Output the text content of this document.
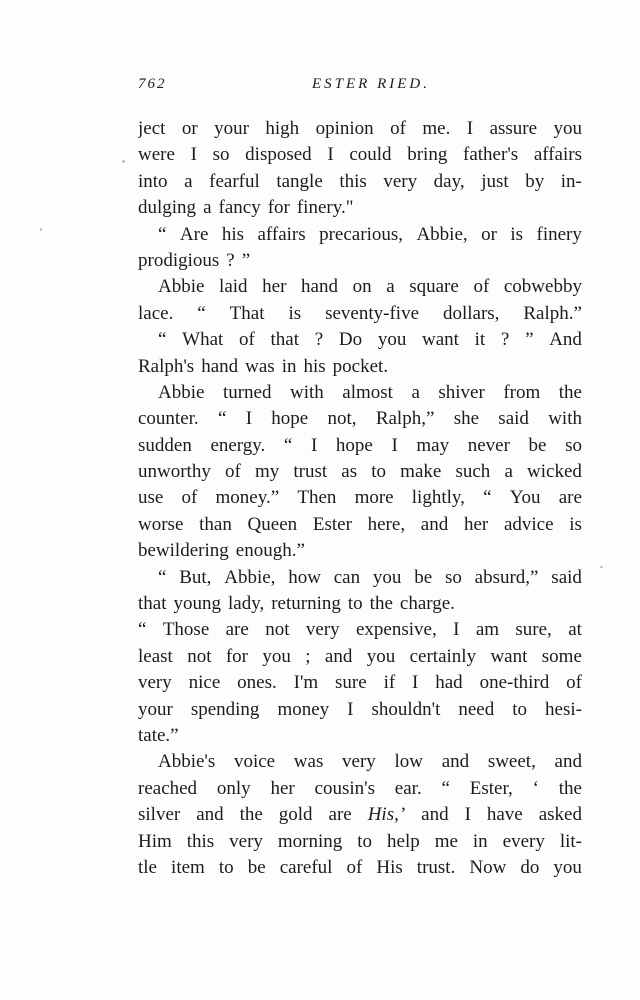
762	ESTER RIED.
ject or your high opinion of me. I assure you
were I so disposed I could bring father's affairs
into a fearful tangle this very day, just by in-
dulging a fancy for finery."
“ Are his affairs precarious, Abbie, or is finery
prodigious ? ”
Abbie laid her hand on a square of cobwebby
lace. “ That is seventy-five dollars, Ralph.”
“ What of that ? Do you want it ? ” And
Ralph's hand was in his pocket.
Abbie turned with almost a shiver from the
counter. “ I hope not, Ralph,” she said with
sudden energy. “ I hope I may never be so
unworthy of my trust as to make such a wicked
use of money.” Then more lightly, “ You are
worse than Queen Ester here, and her advice is
bewildering enough.”
“ But, Abbie, how can you be so absurd,” said
that young lady, returning to the charge.
“ Those are not very expensive, I am sure, at
least not for you ; and you certainly want some
very nice ones. I'm sure if I had one-third of
your spending money I shouldn't need to hesi-
tate.”
Abbie's voice was very low and sweet, and
reached only her cousin's ear. “ Ester, ‘ the
silver and the gold are His,’ and I have asked
Him this very morning to help me in every lit-
tle item to be careful of His trust. Now do you
